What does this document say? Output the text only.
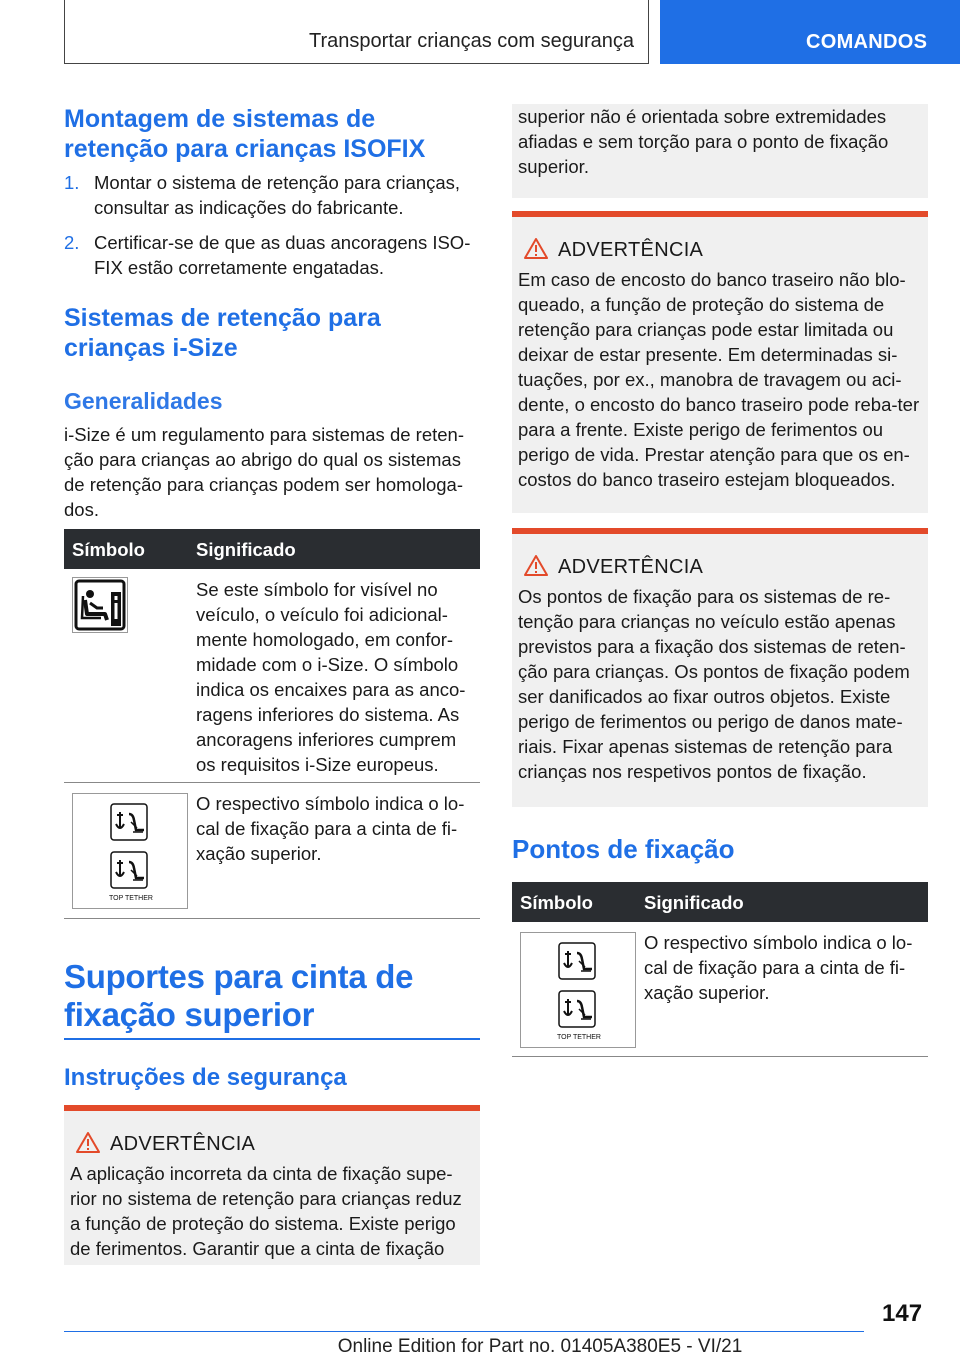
Transportar crianças com segurança	COMANDOS
Montagem de sistemas de retenção para crianças ISOFIX
1. Montar o sistema de retenção para crianças, consultar as indicações do fabricante.
2. Certificar-se de que as duas ancoragens ISO-FIX estão corretamente engatadas.
Sistemas de retenção para crianças i-Size
Generalidades

i-Size é um regulamento para sistemas de reten-ção para crianças ao abrigo do qual os sistemas de retenção para crianças podem ser homologa-dos.

Símbolo	Significado
Se este símbolo for visível no veículo, o veículo foi adicional-mente homologado, em confor-midade com o i-Size. O símbolo indica os encaixes para as anco-ragens inferiores do sistema. As ancoragens inferiores cumprem os requisitos i-Size europeus.
TOP TETHER
O respectivo símbolo indica o lo-cal de fixação para a cinta de fi-xação superior.
Suportes para cinta de fixação superior
Instruções de segurança
ADVERTÊNCIA
A aplicação incorreta da cinta de fixação supe-rior no sistema de retenção para crianças reduz a função de proteção do sistema. Existe perigo de ferimentos. Garantir que a cinta de fixação
superior não é orientada sobre extremidades afiadas e sem torção para o ponto de fixação superior.
ADVERTÊNCIA
Em caso de encosto do banco traseiro não blo-queado, a função de proteção do sistema de retenção para crianças pode estar limitada ou deixar de estar presente. Em determinadas si-tuações, por ex., manobra de travagem ou aci-dente, o encosto do banco traseiro pode reba-ter para a frente. Existe perigo de ferimentos ou perigo de vida. Prestar atenção para que os en-costos do banco traseiro estejam bloqueados.
ADVERTÊNCIA
Os pontos de fixação para os sistemas de re-tenção para crianças no veículo estão apenas previstos para a fixação dos sistemas de reten-ção para crianças. Os pontos de fixação podem ser danificados ao fixar outros objetos. Existe perigo de ferimentos ou perigo de danos mate-riais. Fixar apenas sistemas de retenção para crianças nos respetivos pontos de fixação.
Pontos de fixação
Símbolo	Significado
TOP TETHER
O respectivo símbolo indica o lo-cal de fixação para a cinta de fi-xação superior.
147
Online Edition for Part no. 01405A380E5 - VI/21
